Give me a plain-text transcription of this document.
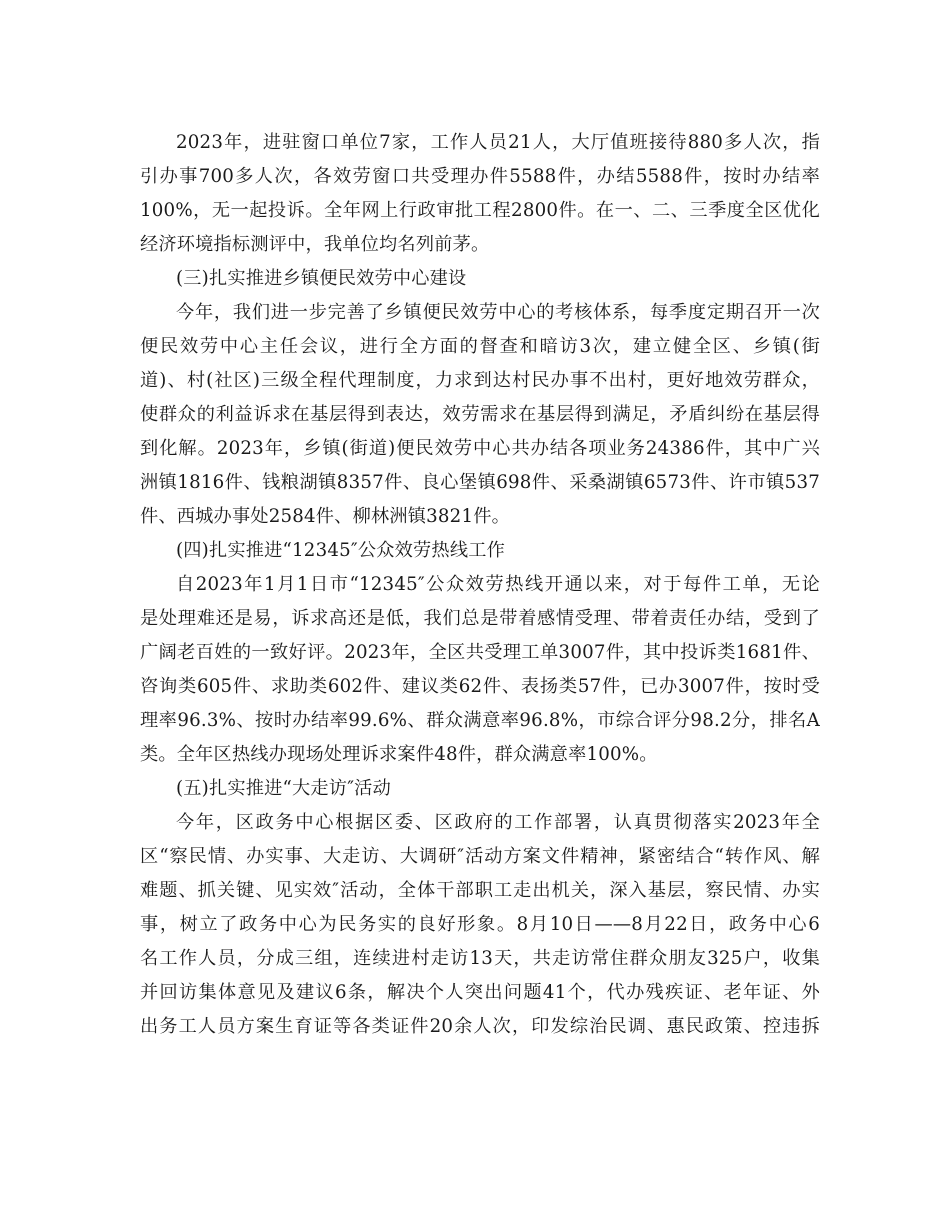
2023年，进驻窗口单位7家，工作人员21人，大厅值班接待880多人次，指
引办事700多人次，各效劳窗口共受理办件5588件，办结5588件，按时办结率
100%，无一起投诉。全年网上行政审批工程2800件。在一、二、三季度全区优化
经济环境指标测评中，我单位均名列前茅。
(三)扎实推进乡镇便民效劳中心建设
今年，我们进一步完善了乡镇便民效劳中心的考核体系，每季度定期召开一次
便民效劳中心主任会议，进行全方面的督查和暗访3次，建立健全区、乡镇(街
道)、村(社区)三级全程代理制度，力求到达村民办事不出村，更好地效劳群众，
使群众的利益诉求在基层得到表达，效劳需求在基层得到满足，矛盾纠纷在基层得
到化解。2023年，乡镇(街道)便民效劳中心共办结各项业务24386件，其中广兴
洲镇1816件、钱粮湖镇8357件、良心堡镇698件、采桑湖镇6573件、许市镇537
件、西城办事处2584件、柳林洲镇3821件。
(四)扎实推进“12345″公众效劳热线工作
自2023年1月1日市“12345″公众效劳热线开通以来，对于每件工单，无论
是处理难还是易，诉求高还是低，我们总是带着感情受理、带着责任办结，受到了
广阔老百姓的一致好评。2023年，全区共受理工单3007件，其中投诉类1681件、
咨询类605件、求助类602件、建议类62件、表扬类57件，已办3007件，按时受
理率96.3%、按时办结率99.6%、群众满意率96.8%，市综合评分98.2分，排名A
类。全年区热线办现场处理诉求案件48件，群众满意率100%。
(五)扎实推进“大走访″活动
今年，区政务中心根据区委、区政府的工作部署，认真贯彻落实2023年全
区“察民情、办实事、大走访、大调研″活动方案文件精神，紧密结合“转作风、解
难题、抓关键、见实效″活动，全体干部职工走出机关，深入基层，察民情、办实
事，树立了政务中心为民务实的良好形象。8月10日——8月22日，政务中心6
名工作人员，分成三组，连续进村走访13天，共走访常住群众朋友325户，收集
并回访集体意见及建议6条，解决个人突出问题41个，代办残疾证、老年证、外
出务工人员方案生育证等各类证件20余人次，印发综治民调、惠民政策、控违拆
